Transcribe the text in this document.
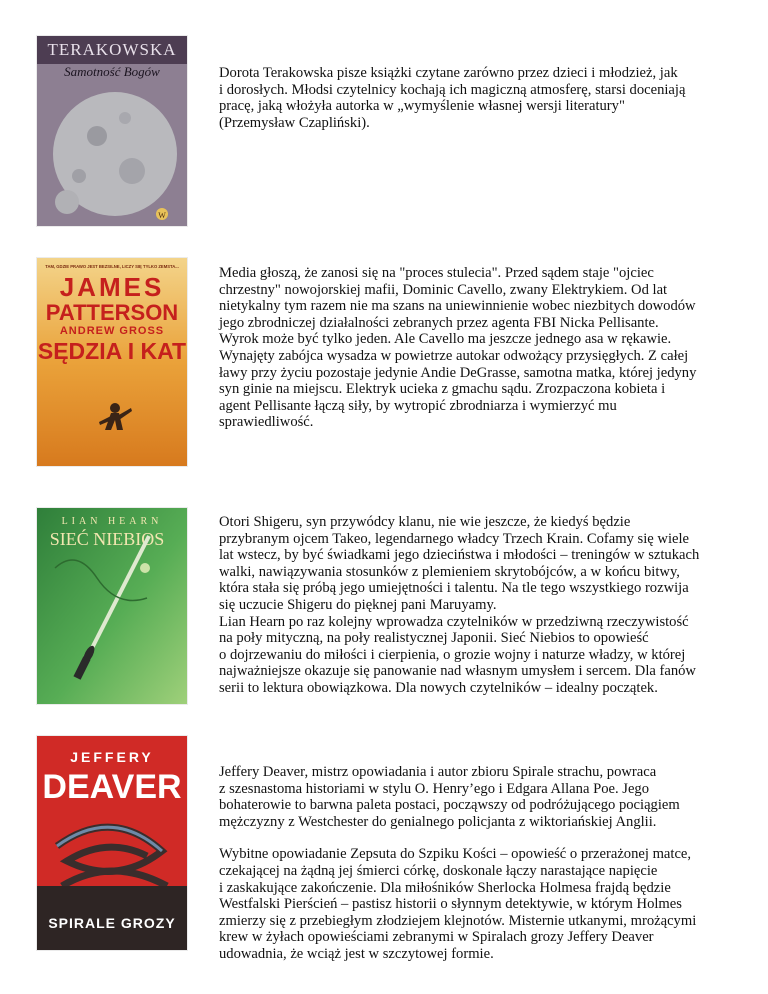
TERAKOWSKA
Samotność Bogów
W

Dorota Terakowska pisze książki czytane zarówno przez dzieci i młodzież, jak
i dorosłych. Młodsi czytelnicy kochają ich magiczną atmosferę, starsi doceniają
pracę, jaką włożyła autorka w „wymyślenie własnej wersji literatury"
(Przemysław Czapliński).

TAM, GDZIE PRAWO JEST BEZSILNE, LICZY SIĘ TYLKO ZEMSTA...
JAMES
PATTERSON
ANDREW GROSS
SĘDZIA I KAT

Media głoszą, że zanosi się na "proces stulecia". Przed sądem staje "ojciec
chrzestny" nowojorskiej mafii, Dominic Cavello, zwany Elektrykiem. Od lat
nietykalny tym razem nie ma szans na uniewinnienie wobec niezbitych dowodów
jego zbrodniczej działalności zebranych przez agenta FBI Nicka Pellisante.
Wyrok może być tylko jeden. Ale Cavello ma jeszcze jednego asa w rękawie.
Wynajęty zabójca wysadza w powietrze autokar odwożący przysięgłych. Z całej
ławy przy życiu pozostaje jedynie Andie DeGrasse, samotna matka, której jedyny
syn ginie na miejscu. Elektryk ucieka z gmachu sądu. Zrozpaczona kobieta i
agent Pellisante łączą siły, by wytropić zbrodniarza i wymierzyć mu
sprawiedliwość.

LIAN HEARN
SIEĆ NIEBIOS

Otori Shigeru, syn przywódcy klanu, nie wie jeszcze, że kiedyś będzie
przybranym ojcem Takeo, legendarnego władcy Trzech Krain. Cofamy się wiele
lat wstecz, by być świadkami jego dzieciństwa i młodości – treningów w sztukach
walki, nawiązywania stosunków z plemieniem skrytobójców, a w końcu bitwy,
która stała się próbą jego umiejętności i talentu. Na tle tego wszystkiego rozwija
się uczucie Shigeru do pięknej pani Maruyamy.
Lian Hearn po raz kolejny wprowadza czytelników w przedziwną rzeczywistość
na poły mityczną, na poły realistycznej Japonii. Sieć Niebios to opowieść
o dojrzewaniu do miłości i cierpienia, o grozie wojny i naturze władzy, w której
najważniejsze okazuje się panowanie nad własnym umysłem i sercem. Dla fanów
serii to lektura obowiązkowa. Dla nowych czytelników – idealny początek.

JEFFERY
DEAVER
SPIRALE GROZY

Jeffery Deaver, mistrz opowiadania i autor zbioru Spirale strachu, powraca
z szesnastoma historiami w stylu O. Henry’ego i Edgara Allana Poe. Jego
bohaterowie to barwna paleta postaci, począwszy od podróżującego pociągiem
mężczyzny z Westchester do genialnego policjanta z wiktoriańskiej Anglii.

Wybitne opowiadanie Zepsuta do Szpiku Kości – opowieść o przerażonej matce,
czekającej na żądną jej śmierci córkę, doskonale łączy narastające napięcie
i zaskakujące zakończenie. Dla miłośników Sherlocka Holmesa frajdą będzie
Westfalski Pierścień – pastisz historii o słynnym detektywie, w którym Holmes
zmierzy się z przebiegłym złodziejem klejnotów. Misternie utkanymi, mrożącymi
krew w żyłach opowieściami zebranymi w Spiralach grozy Jeffery Deaver
udowadnia, że wciąż jest w szczytowej formie.
